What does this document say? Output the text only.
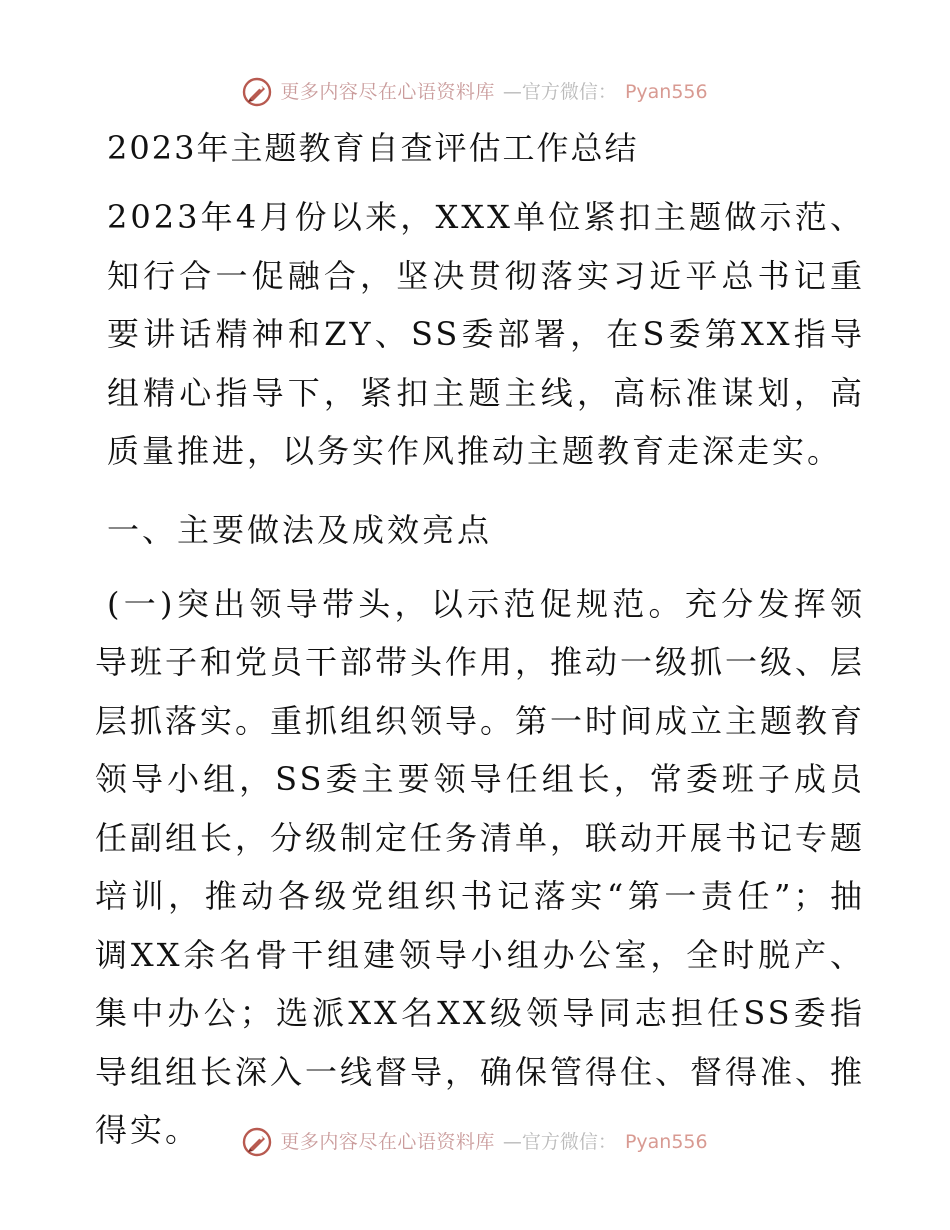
更多内容尽在心语资料库 —官方微信： Pyan556
2023年主题教育自查评估工作总结

2023年4月份以来，XXX单位紧扣主题做示范、知行合一促融合，坚决贯彻落实习近平总书记重要讲话精神和ZY、SS委部署，在S委第XX指导组精心指导下，紧扣主题主线，高标准谋划，高质量推进，以务实作风推动主题教育走深走实。

一、主要做法及成效亮点

(一)突出领导带头，以示范促规范。充分发挥领导班子和党员干部带头作用，推动一级抓一级、层层抓落实。重抓组织领导。第一时间成立主题教育领导小组，SS委主要领导任组长，常委班子成员任副组长，分级制定任务清单，联动开展书记专题培训，推动各级党组织书记落实“第一责任”；抽调XX余名骨干组建领导小组办公室，全时脱产、集中办公；选派XX名XX级领导同志担任SS委指导组组长深入一线督导，确保管得住、督得准、推得实。	更多内容尽在心语资料库 —官方微信： Pyan556
